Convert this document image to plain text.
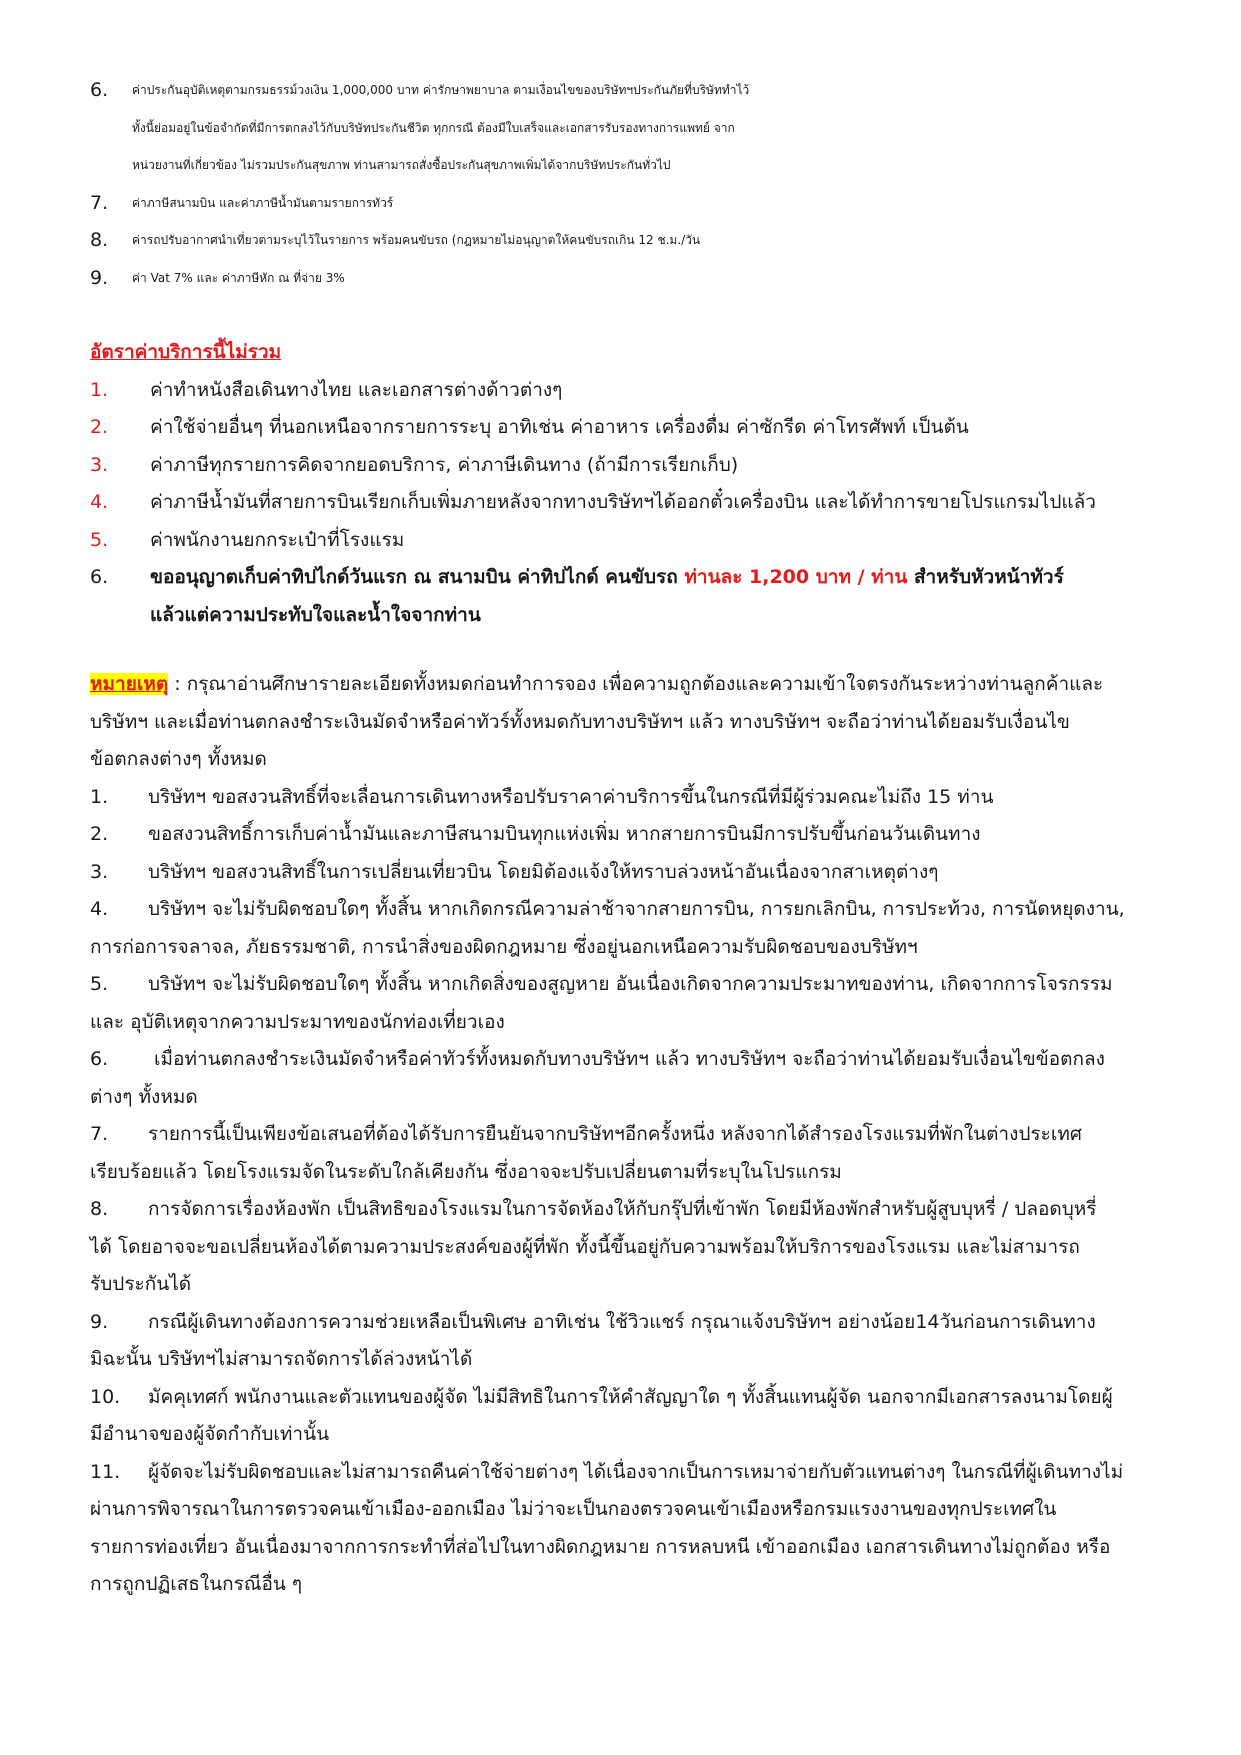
6. ค่าประกันอุบัติเหตุตามกรมธรรม์วงเงิน 1,000,000 บาท ค่ารักษาพยาบาล ตามเงื่อนไขของบริษัทฯประกันภัยที่บริษัททำไว้
ทั้งนี้ย่อมอยู่ในข้อจำกัดที่มีการตกลงไว้กับบริษัทประกันชีวิต ทุกกรณี ต้องมีใบเสร็จและเอกสารรับรองทางการแพทย์ จาก
หน่วยงานที่เกี่ยวข้อง ไม่รวมประกันสุขภาพ ท่านสามารถสั่งซื้อประกันสุขภาพเพิ่มได้จากบริษัทประกันทั่วไป
7. ค่าภาษีสนามบิน และค่าภาษีน้ำมันตามรายการทัวร์
8. ค่ารถปรับอากาศนำเที่ยวตามระบุไว้ในรายการ พร้อมคนขับรถ (กฎหมายไม่อนุญาตให้คนขับรถเกิน 12 ช.ม./วัน
9. ค่า Vat 7% และ ค่าภาษีหัก ณ ที่จ่าย 3%
อัตราค่าบริการนี้ไม่รวม
1. ค่าทำหนังสือเดินทางไทย และเอกสารต่างด้าวต่างๆ
2. ค่าใช้จ่ายอื่นๆ ที่นอกเหนือจากรายการระบุ อาทิเช่น ค่าอาหาร เครื่องดื่ม ค่าซักรีด ค่าโทรศัพท์ เป็นต้น
3. ค่าภาษีทุกรายการคิดจากยอดบริการ, ค่าภาษีเดินทาง (ถ้ามีการเรียกเก็บ)
4. ค่าภาษีน้ำมันที่สายการบินเรียกเก็บเพิ่มภายหลังจากทางบริษัทฯได้ออกตั๋วเครื่องบิน และได้ทำการขายโปรแกรมไปแล้ว
5. ค่าพนักงานยกกระเป๋าที่โรงแรม
6. ขออนุญาตเก็บค่าทิปไกด์วันแรก ณ สนามบิน ค่าทิปไกด์ คนขับรถ ท่านละ 1,200 บาท / ท่าน สำหรับหัวหน้าทัวร์
แล้วแต่ความประทับใจและน้ำใจจากท่าน
หมายเหตุ : กรุณาอ่านศึกษารายละเอียดทั้งหมดก่อนทำการจอง เพื่อความถูกต้องและความเข้าใจตรงกันระหว่างท่านลูกค้าและ
บริษัทฯ และเมื่อท่านตกลงชำระเงินมัดจำหรือค่าทัวร์ทั้งหมดกับทางบริษัทฯ แล้ว ทางบริษัทฯ จะถือว่าท่านได้ยอมรับเงื่อนไข
ข้อตกลงต่างๆ ทั้งหมด
1. บริษัทฯ ขอสงวนสิทธิ์ที่จะเลื่อนการเดินทางหรือปรับราคาค่าบริการขึ้นในกรณีที่มีผู้ร่วมคณะไม่ถึง 15 ท่าน
2. ขอสงวนสิทธิ์การเก็บค่าน้ำมันและภาษีสนามบินทุกแห่งเพิ่ม หากสายการบินมีการปรับขึ้นก่อนวันเดินทาง
3. บริษัทฯ ขอสงวนสิทธิ์ในการเปลี่ยนเที่ยวบิน โดยมิต้องแจ้งให้ทราบล่วงหน้าอันเนื่องจากสาเหตุต่างๆ
4. บริษัทฯ จะไม่รับผิดชอบใดๆ ทั้งสิ้น หากเกิดกรณีความล่าช้าจากสายการบิน, การยกเลิกบิน, การประท้วง, การนัดหยุดงาน,
การก่อการจลาจล, ภัยธรรมชาติ, การนำสิ่งของผิดกฎหมาย ซึ่งอยู่นอกเหนือความรับผิดชอบของบริษัทฯ
5. บริษัทฯ จะไม่รับผิดชอบใดๆ ทั้งสิ้น หากเกิดสิ่งของสูญหาย อันเนื่องเกิดจากความประมาทของท่าน, เกิดจากการโจรกรรม
และ อุบัติเหตุจากความประมาทของนักท่องเที่ยวเอง
6. เมื่อท่านตกลงชำระเงินมัดจำหรือค่าทัวร์ทั้งหมดกับทางบริษัทฯ แล้ว ทางบริษัทฯ จะถือว่าท่านได้ยอมรับเงื่อนไขข้อตกลง
ต่างๆ ทั้งหมด
7. รายการนี้เป็นเพียงข้อเสนอที่ต้องได้รับการยืนยันจากบริษัทฯอีกครั้งหนึ่ง หลังจากได้สำรองโรงแรมที่พักในต่างประเทศ
เรียบร้อยแล้ว โดยโรงแรมจัดในระดับใกล้เคียงกัน ซึ่งอาจจะปรับเปลี่ยนตามที่ระบุในโปรแกรม
8. การจัดการเรื่องห้องพัก เป็นสิทธิของโรงแรมในการจัดห้องให้กับกรุ๊ปที่เข้าพัก โดยมีห้องพักสำหรับผู้สูบบุหรี่ / ปลอดบุหรี่
ได้ โดยอาจจะขอเปลี่ยนห้องได้ตามความประสงค์ของผู้ที่พัก ทั้งนี้ขึ้นอยู่กับความพร้อมให้บริการของโรงแรม และไม่สามารถ
รับประกันได้
9. กรณีผู้เดินทางต้องการความช่วยเหลือเป็นพิเศษ อาทิเช่น ใช้วิวแชร์ กรุณาแจ้งบริษัทฯ อย่างน้อย14วันก่อนการเดินทาง
มิฉะนั้น บริษัทฯไม่สามารถจัดการได้ล่วงหน้าได้
10. มัคคุเทศก์ พนักงานและตัวแทนของผู้จัด ไม่มีสิทธิในการให้คำสัญญาใด ๆ ทั้งสิ้นแทนผู้จัด นอกจากมีเอกสารลงนามโดยผู้
มีอำนาจของผู้จัดกำกับเท่านั้น
11. ผู้จัดจะไม่รับผิดชอบและไม่สามารถคืนค่าใช้จ่ายต่างๆ ได้เนื่องจากเป็นการเหมาจ่ายกับตัวแทนต่างๆ ในกรณีที่ผู้เดินทางไม่
ผ่านการพิจารณาในการตรวจคนเข้าเมือง-ออกเมือง ไม่ว่าจะเป็นกองตรวจคนเข้าเมืองหรือกรมแรงงานของทุกประเทศใน
รายการท่องเที่ยว อันเนื่องมาจากการกระทำที่ส่อไปในทางผิดกฎหมาย การหลบหนี เข้าออกเมือง เอกสารเดินทางไม่ถูกต้อง หรือ
การถูกปฏิเสธในกรณีอื่น ๆ
